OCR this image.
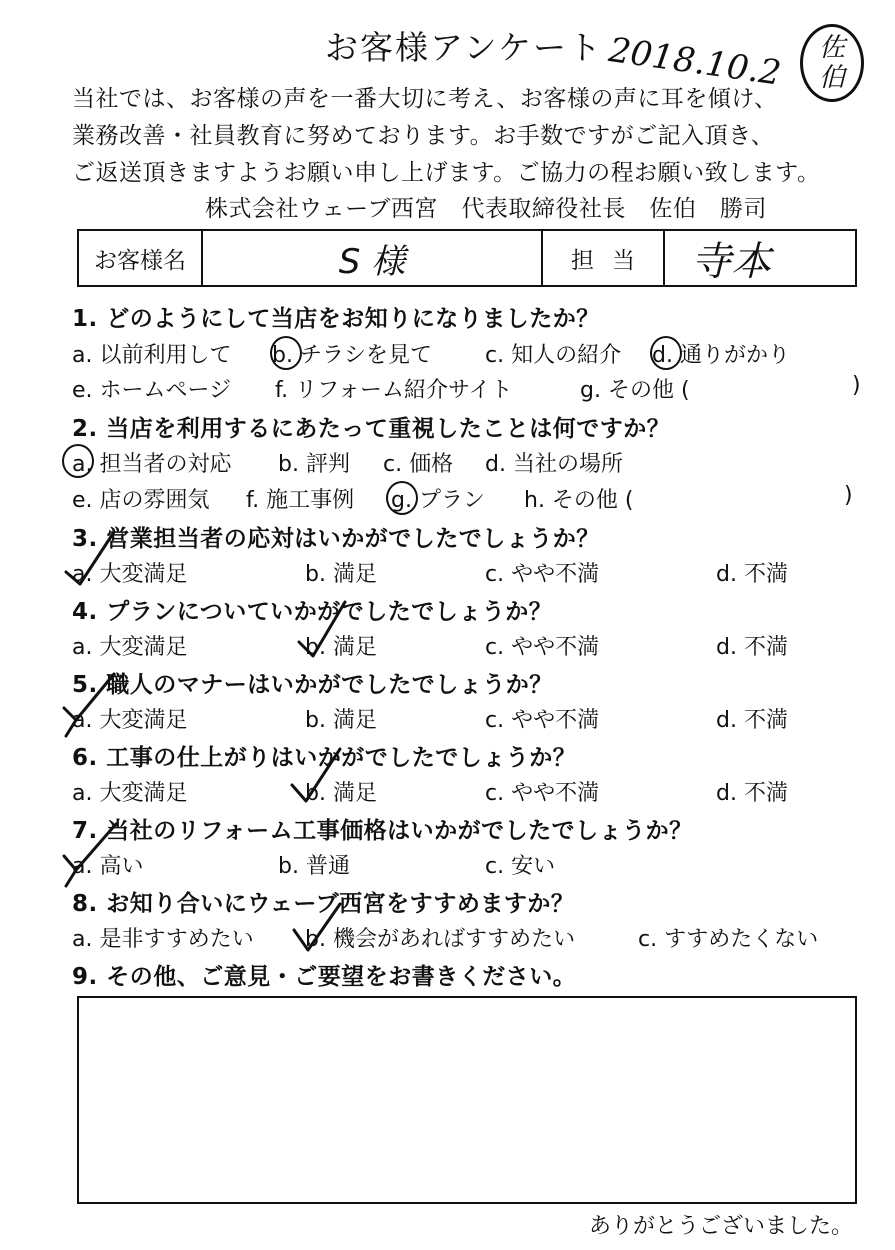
お客様アンケート 2018.10.2 佐
伯
当社では、お客様の声を一番大切に考え、お客様の声に耳を傾け、
業務改善・社員教育に努めております。お手数ですがご記入頂き、
ご返送頂きますようお願い申し上げます。ご協力の程お願い致します。
株式会社ウェーブ西宮　代表取締役社長　佐伯　勝司
お客様名	S 様	担当 寺本
1. どのようにして当店をお知りになりましたか？
a. 以前利用して b. チラシを見て c. 知人の紹介 d. 通りがかり
e. ホームページ f. リフォーム紹介サイト	g. その他 (	)
2. 当店を利用するにあたって重視したことは何ですか？
a. 担当者の対応 b. 評判 c. 価格 d. 当社の場所
e. 店の雰囲気 f. 施工事例 g. プラン h. その他 (	)
3. 営業担当者の応対はいかがでしたでしょうか？
a. 大変満足	b. 満足	c. やや不満	d. 不満
4. プランについていかがでしたでしょうか？
a. 大変満足	b. 満足	c. やや不満	d. 不満
5. 職人のマナーはいかがでしたでしょうか？
a. 大変満足	b. 満足	c. やや不満	d. 不満
6. 工事の仕上がりはいかがでしたでしょうか？
a. 大変満足	b. 満足	c. やや不満	d. 不満
7. 当社のリフォーム工事価格はいかがでしたでしょうか？
a. 高い	b. 普通	c. 安い
8. お知り合いにウェーブ西宮をすすめますか？
a. 是非すすめたい b. 機会があればすすめたい	c. すすめたくない
9. その他、ご意見・ご要望をお書きください。
ありがとうございました。
